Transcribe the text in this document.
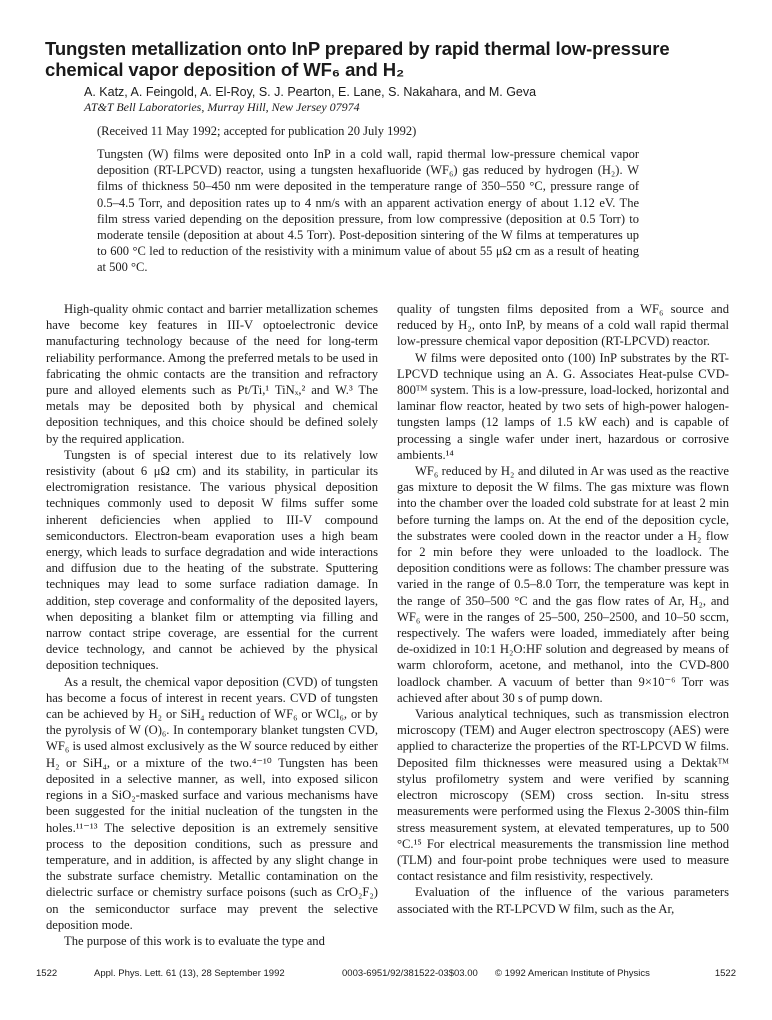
Tungsten metallization onto InP prepared by rapid thermal low-pressure chemical vapor deposition of WF₆ and H₂
A. Katz, A. Feingold, A. El-Roy, S. J. Pearton, E. Lane, S. Nakahara, and M. Geva
AT&T Bell Laboratories, Murray Hill, New Jersey 07974
(Received 11 May 1992; accepted for publication 20 July 1992)

Tungsten (W) films were deposited onto InP in a cold wall, rapid thermal low-pressure chemical vapor deposition (RT-LPCVD) reactor, using a tungsten hexafluoride (WF₆) gas reduced by hydrogen (H₂). W films of thickness 50–450 nm were deposited in the temperature range of 350–550 °C, pressure range of 0.5–4.5 Torr, and deposition rates up to 4 nm/s with an apparent activation energy of about 1.12 eV. The film stress varied depending on the deposition pressure, from low compressive (deposition at 0.5 Torr) to moderate tensile (deposition at about 4.5 Torr). Post-deposition sintering of the W films at temperatures up to 600 °C led to reduction of the resistivity with a minimum value of about 55 μΩ cm as a result of heating at 500 °C.

High-quality ohmic contact and barrier metallization schemes have become key features in III-V optoelectronic device manufacturing technology because of the need for long-term reliability performance. Among the preferred metals to be used in fabricating the ohmic contacts are the transition and refractory pure and alloyed elements such as Pt/Ti,¹ TiNₓ,² and W.³ The metals may be deposited both by physical and chemical deposition techniques, and this choice should be defined solely by the required application.

Tungsten is of special interest due to its relatively low resistivity (about 6 μΩ cm) and its stability, in particular its electromigration resistance. The various physical deposition techniques commonly used to deposit W films suffer some inherent deficiencies when applied to III-V compound semiconductors. Electron-beam evaporation uses a high beam energy, which leads to surface degradation and wide interactions and diffusion due to the heating of the substrate. Sputtering techniques may lead to some surface radiation damage. In addition, step coverage and conformality of the deposited layers, when depositing a blanket film or attempting via filling and narrow contact stripe coverage, are essential for the current device technology, and cannot be achieved by the physical deposition techniques.

As a result, the chemical vapor deposition (CVD) of tungsten has become a focus of interest in recent years. CVD of tungsten can be achieved by H₂ or SiH₄ reduction of WF₆ or WCl₆, or by the pyrolysis of W (O)₆. In contemporary blanket tungsten CVD, WF₆ is used almost exclusively as the W source reduced by either H₂ or SiH₄, or a mixture of the two.⁴⁻¹⁰ Tungsten has been deposited in a selective manner, as well, into exposed silicon regions in a SiO₂-masked surface and various mechanisms have been suggested for the initial nucleation of the tungsten in the holes.¹¹⁻¹³ The selective deposition is an extremely sensitive process to the deposition conditions, such as pressure and temperature, and in addition, is affected by any slight change in the substrate surface chemistry. Metallic contamination on the dielectric surface or chemistry surface poisons (such as CrO₂F₂) on the semiconductor surface may prevent the selective deposition mode.

The purpose of this work is to evaluate the type and

quality of tungsten films deposited from a WF₆ source and reduced by H₂, onto InP, by means of a cold wall rapid thermal low-pressure chemical vapor deposition (RT-LPCVD) reactor.

W films were deposited onto (100) InP substrates by the RT-LPCVD technique using an A. G. Associates Heat-pulse CVD-800ᵀᴹ system. This is a low-pressure, load-locked, horizontal and laminar flow reactor, heated by two sets of high-power halogen-tungsten lamps (12 lamps of 1.5 kW each) and is capable of processing a single wafer under inert, hazardous or corrosive ambients.¹⁴

WF₆ reduced by H₂ and diluted in Ar was used as the reactive gas mixture to deposit the W films. The gas mixture was flown into the chamber over the loaded cold substrate for at least 2 min before turning the lamps on. At the end of the deposition cycle, the substrates were cooled down in the reactor under a H₂ flow for 2 min before they were unloaded to the loadlock. The deposition conditions were as follows: The chamber pressure was varied in the range of 0.5–8.0 Torr, the temperature was kept in the range of 350–500 °C and the gas flow rates of Ar, H₂, and WF₆ were in the ranges of 25–500, 250–2500, and 10–50 sccm, respectively. The wafers were loaded, immediately after being de-oxidized in 10:1 H₂O:HF solution and degreased by means of warm chloroform, acetone, and methanol, into the CVD-800 loadlock chamber. A vacuum of better than 9×10⁻⁶ Torr was achieved after about 30 s of pump down.

Various analytical techniques, such as transmission electron microscopy (TEM) and Auger electron spectroscopy (AES) were applied to characterize the properties of the RT-LPCVD W films. Deposited film thicknesses were measured using a Dektakᵀᴹ stylus profilometry system and were verified by scanning electron microscopy (SEM) cross section. In-situ stress measurements were performed using the Flexus 2-300S thin-film stress measurement system, at elevated temperatures, up to 500 °C.¹⁵ For electrical measurements the transmission line method (TLM) and four-point probe techniques were used to measure contact resistance and film resistivity, respectively.

Evaluation of the influence of the various parameters associated with the RT-LPCVD W film, such as the Ar,

1522	Appl. Phys. Lett. 61 (13), 28 September 1992	0003-6951/92/381522-03$03.00 © 1992 American Institute of Physics	1522
